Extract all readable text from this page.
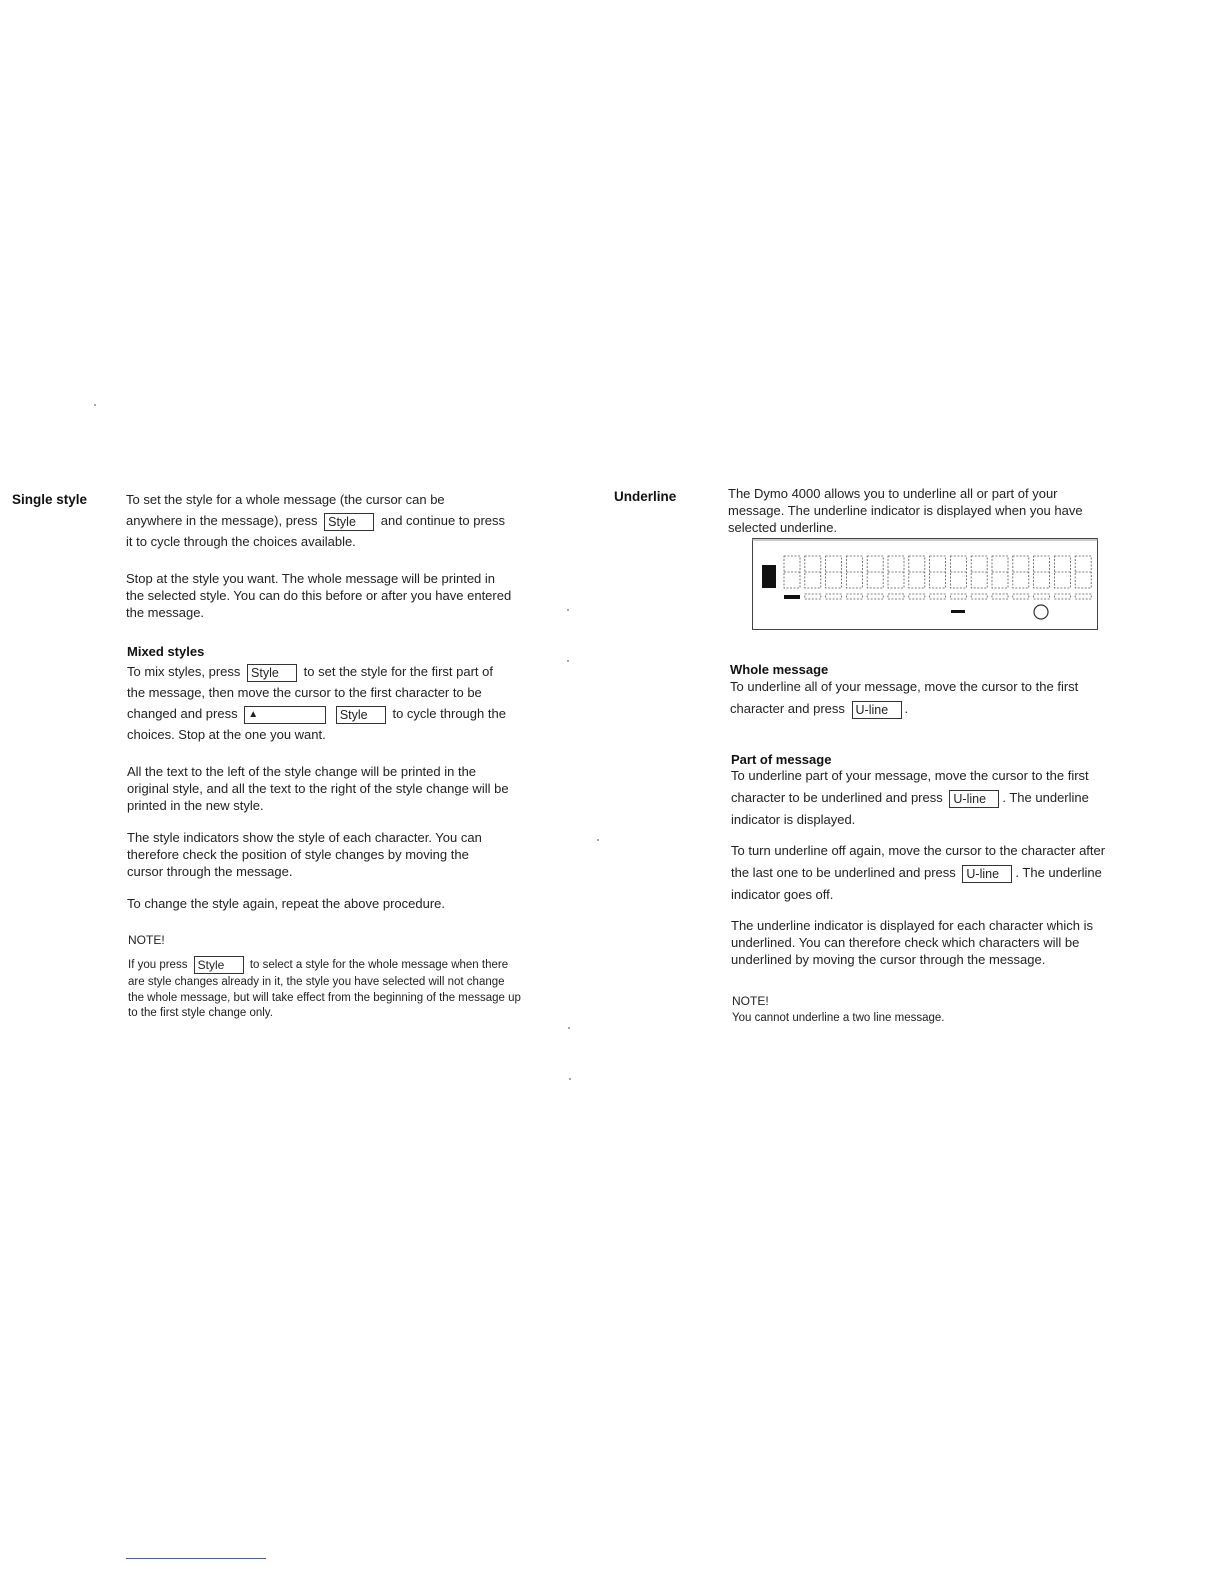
Single style	To set the style for a whole message (the cursor can be
anywhere in the message), press Style and continue to press
it to cycle through the choices available.

Stop at the style you want. The whole message will be printed in the selected style. You can do this before or after you have entered the message.

Mixed styles

To mix styles, press Style to set the style for the first part of
the message, then move the cursor to the first character to be
changed and press ▲	Style to cycle through the
choices. Stop at the one you want.

All the text to the left of the style change will be printed in the original style, and all the text to the right of the style change will be printed in the new style.

The style indicators show the style of each character. You can therefore check the position of style changes by moving the cursor through the message.

To change the style again, repeat the above procedure.

NOTE!

If you press Style to select a style for the whole message when there

are style changes already in it, the style you have selected will not change the whole message, but will take effect from the beginning of the message up to the first style change only.

Underline	The Dymo 4000 allows you to underline all or part of your message. The underline indicator is displayed when you have selected underline.
Whole message

To underline all of your message, move the cursor to the first
character and press U-line .

Part of message

To underline part of your message, move the cursor to the first
character to be underlined and press U-line . The underline
indicator is displayed.

To turn underline off again, move the cursor to the character after
the last one to be underlined and press U-line . The underline
indicator goes off.

The underline indicator is displayed for each character which is underlined. You can therefore check which characters will be underlined by moving the cursor through the message.

NOTE!
You cannot underline a two line message.
